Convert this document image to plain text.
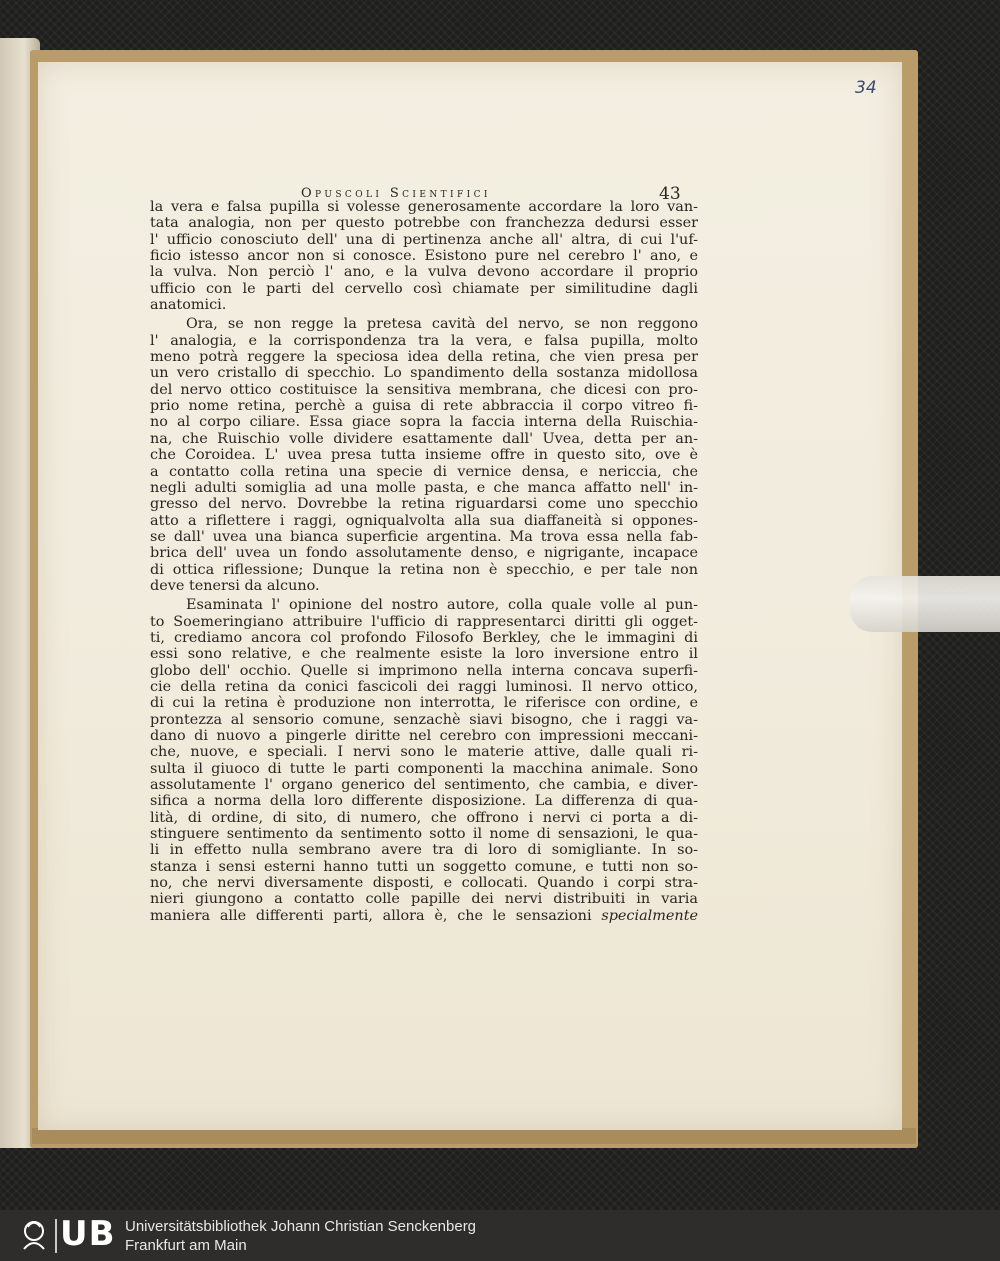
34
Opuscoli Scientifici	43
la vera e falsa pupilla si volesse generosamente accordare la loro van-
tata analogia, non per questo potrebbe con franchezza dedursi esser
l' ufficio conosciuto dell' una di pertinenza anche all' altra, di cui l'uf-
ficio istesso ancor non si conosce. Esistono pure nel cerebro l' ano, e
la vulva. Non perciò l' ano, e la vulva devono accordare il proprio
ufficio con le parti del cervello così chiamate per similitudine dagli
anatomici.
Ora, se non regge la pretesa cavità del nervo, se non reggono
l' analogia, e la corrispondenza tra la vera, e falsa pupilla, molto
meno potrà reggere la speciosa idea della retina, che vien presa per
un vero cristallo di specchio. Lo spandimento della sostanza midollosa
del nervo ottico costituisce la sensitiva membrana, che dicesi con pro-
prio nome retina, perchè a guisa di rete abbraccia il corpo vitreo fi-
no al corpo ciliare. Essa giace sopra la faccia interna della Ruischia-
na, che Ruischio volle dividere esattamente dall' Uvea, detta per an-
che Coroidea. L' uvea presa tutta insieme offre in questo sito, ove è
a contatto colla retina una specie di vernice densa, e nericcia, che
negli adulti somiglia ad una molle pasta, e che manca affatto nell' in-
gresso del nervo. Dovrebbe la retina riguardarsi come uno specchio
atto a riflettere i raggi, ogniqualvolta alla sua diaffaneità si oppones-
se dall' uvea una bianca superficie argentina. Ma trova essa nella fab-
brica dell' uvea un fondo assolutamente denso, e nigrigante, incapace
di ottica riflessione; Dunque la retina non è specchio, e per tale non
deve tenersi da alcuno.
Esaminata l' opinione del nostro autore, colla quale volle al pun-
to Soemeringiano attribuire l'ufficio di rappresentarci diritti gli ogget-
ti, crediamo ancora col profondo Filosofo Berkley, che le immagini di
essi sono relative, e che realmente esiste la loro inversione entro il
globo dell' occhio. Quelle si imprimono nella interna concava superfi-
cie della retina da conici fascicoli dei raggi luminosi. Il nervo ottico,
di cui la retina è produzione non interrotta, le riferisce con ordine, e
prontezza al sensorio comune, senzachè siavi bisogno, che i raggi va-
dano di nuovo a pingerle diritte nel cerebro con impressioni meccani-
che, nuove, e speciali. I nervi sono le materie attive, dalle quali ri-
sulta il giuoco di tutte le parti componenti la macchina animale. Sono
assolutamente l' organo generico del sentimento, che cambia, e diver-
sifica a norma della loro differente disposizione. La differenza di qua-
lità, di ordine, di sito, di numero, che offrono i nervi ci porta a di-
stinguere sentimento da sentimento sotto il nome di sensazioni, le qua-
li in effetto nulla sembrano avere tra di loro di somigliante. In so-
stanza i sensi esterni hanno tutti un soggetto comune, e tutti non so-
no, che nervi diversamente disposti, e collocati. Quando i corpi stra-
nieri giungono a contatto colle papille dei nervi distribuiti in varia
maniera alle differenti parti, allora è, che le sensazioni specialmente
UB Universitätsbibliothek Johann Christian Senckenberg
Frankfurt am Main
